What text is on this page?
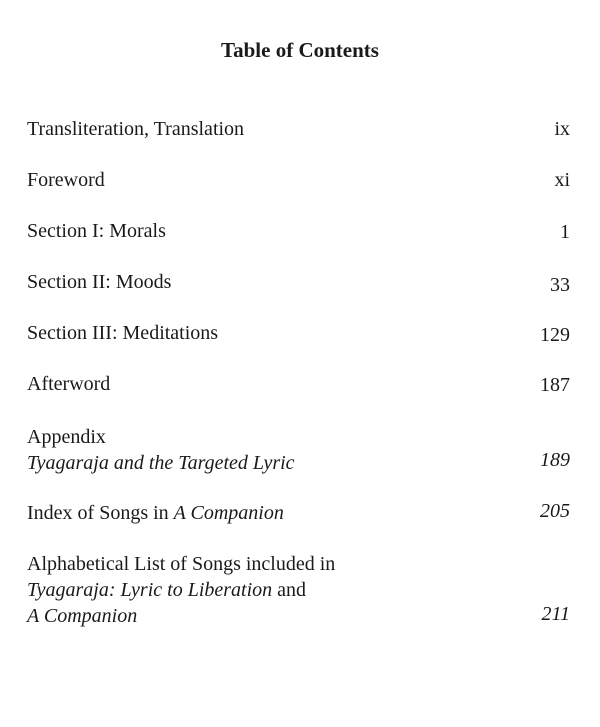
Table of Contents
Transliteration, Translation	ix
Foreword	xi
Section I: Morals	1
Section II: Moods	33
Section III: Meditations	129
Afterword	187
Appendix
Tyagaraja and the Targeted Lyric	189
Index of Songs in A Companion	205
Alphabetical List of Songs included in
Tyagaraja: Lyric to Liberation and
A Companion	211
